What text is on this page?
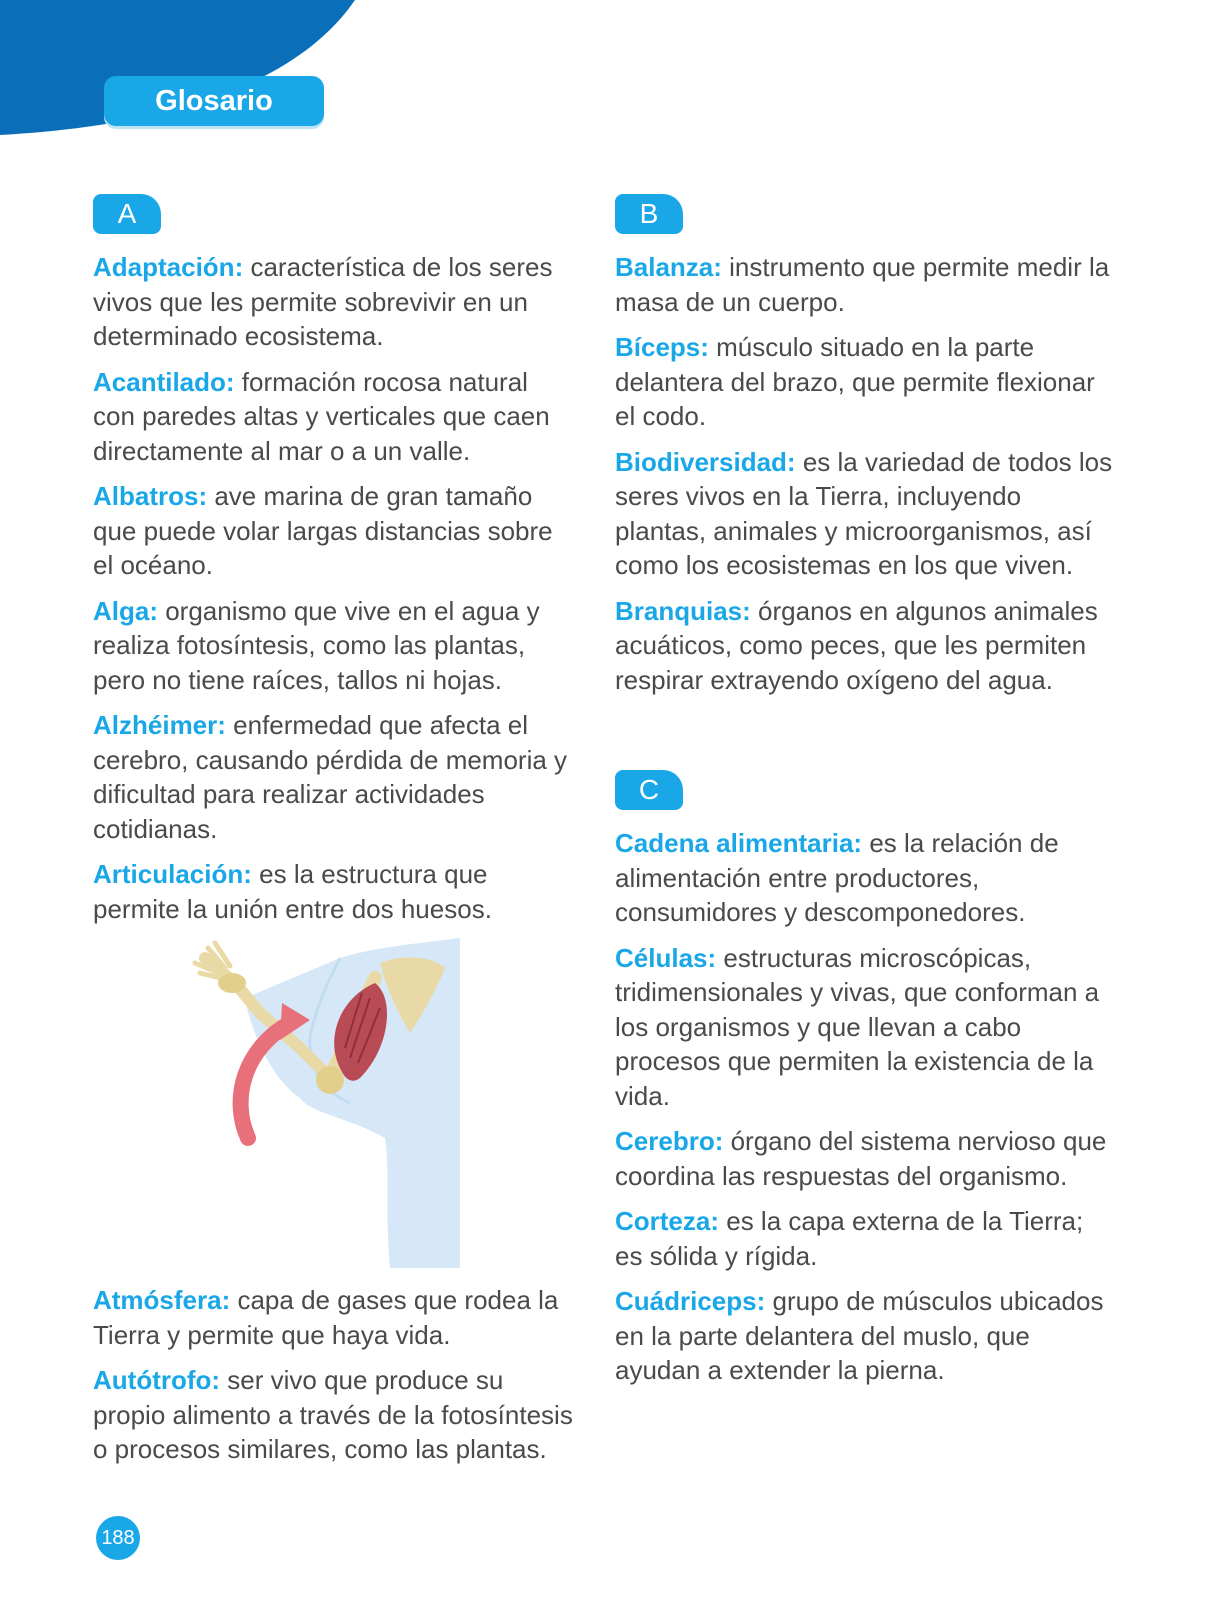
Glosario
A

Adaptación: característica de los seres vivos que les permite sobrevivir en un determinado ecosistema.

Acantilado: formación rocosa natural con paredes altas y verticales que caen directamente al mar o a un valle.

Albatros: ave marina de gran tamaño que puede volar largas distancias sobre el océano.

Alga: organismo que vive en el agua y realiza fotosíntesis, como las plantas, pero no tiene raíces, tallos ni hojas.

Alzhéimer: enfermedad que afecta el cerebro, causando pérdida de memoria y dificultad para realizar actividades cotidianas.

Articulación: es la estructura que permite la unión entre dos huesos.

Atmósfera: capa de gases que rodea la Tierra y permite que haya vida.

Autótrofo: ser vivo que produce su propio alimento a través de la fotosíntesis o procesos similares, como las plantas.

B

Balanza: instrumento que permite medir la masa de un cuerpo.

Bíceps: músculo situado en la parte delantera del brazo, que permite flexionar el codo.

Biodiversidad: es la variedad de todos los seres vivos en la Tierra, incluyendo plantas, animales y microorganismos, así como los ecosistemas en los que viven.

Branquias: órganos en algunos animales acuáticos, como peces, que les permiten respirar extrayendo oxígeno del agua.

C

Cadena alimentaria: es la relación de alimentación entre productores, consumidores y descomponedores.

Células: estructuras microscópicas, tridimensionales y vivas, que conforman a los organismos y que llevan a cabo procesos que permiten la existencia de la vida.

Cerebro: órgano del sistema nervioso que coordina las respuestas del organismo.

Corteza: es la capa externa de la Tierra; es sólida y rígida.

Cuádriceps: grupo de músculos ubicados en la parte delantera del muslo, que ayudan a extender la pierna.

188
